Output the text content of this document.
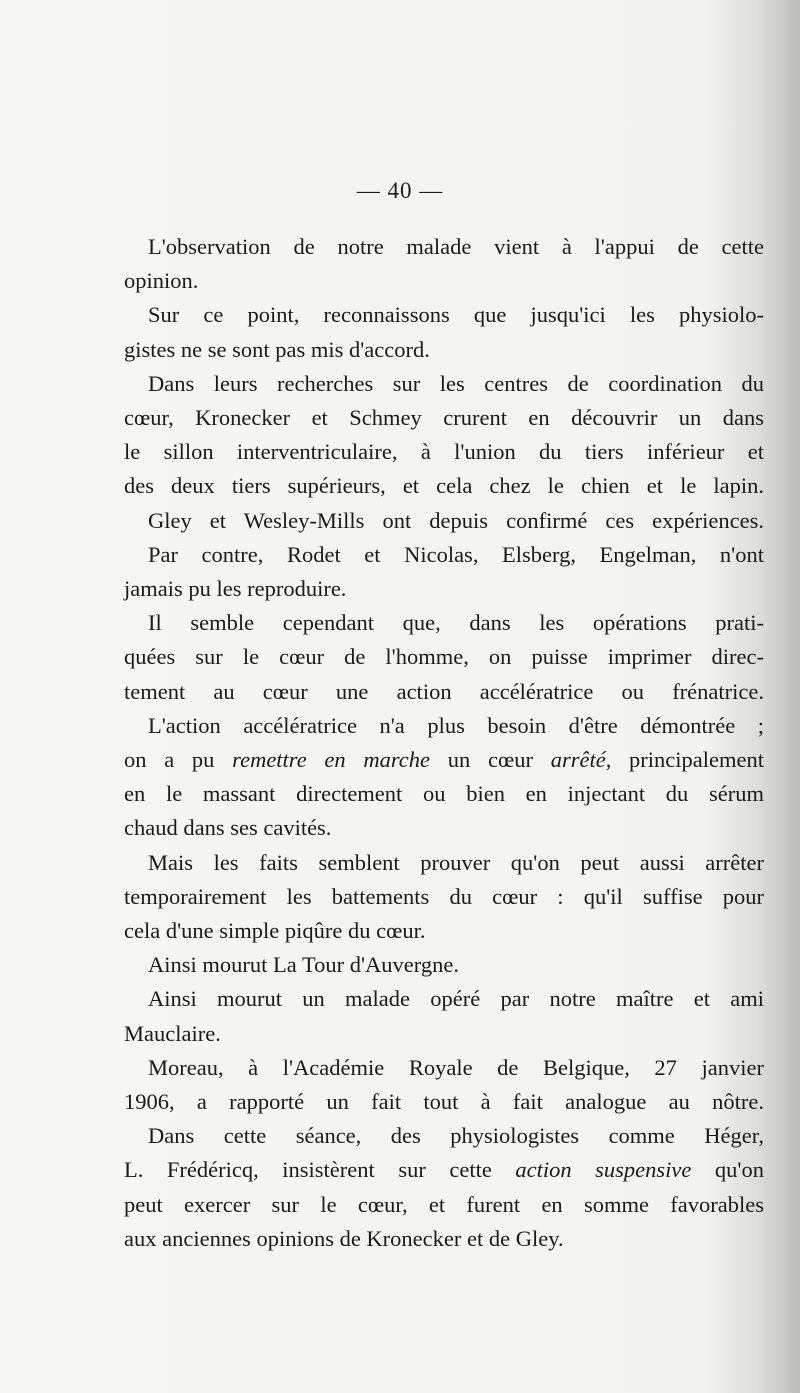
— 40 —

L'observation de notre malade vient à l'appui de cette
opinion.

Sur ce point, reconnaissons que jusqu'ici les physiolo-
gistes ne se sont pas mis d'accord.

Dans leurs recherches sur les centres de coordination du
cœur, Kronecker et Schmey crurent en découvrir un dans
le sillon interventriculaire, à l'union du tiers inférieur et
des deux tiers supérieurs, et cela chez le chien et le lapin.

Gley et Wesley-Mills ont depuis confirmé ces expériences.

Par contre, Rodet et Nicolas, Elsberg, Engelman, n'ont
jamais pu les reproduire.

Il semble cependant que, dans les opérations prati-
quées sur le cœur de l'homme, on puisse imprimer direc-
tement au cœur une action accélératrice ou frénatrice.

L'action accélératrice n'a plus besoin d'être démontrée ;
on a pu remettre en marche un cœur arrêté, principalement
en le massant directement ou bien en injectant du sérum
chaud dans ses cavités.

Mais les faits semblent prouver qu'on peut aussi arrêter
temporairement les battements du cœur : qu'il suffise pour
cela d'une simple piqûre du cœur.

Ainsi mourut La Tour d'Auvergne.

Ainsi mourut un malade opéré par notre maître et ami
Mauclaire.

Moreau, à l'Académie Royale de Belgique, 27 janvier
1906, a rapporté un fait tout à fait analogue au nôtre.

Dans cette séance, des physiologistes comme Héger,
L. Frédéricq, insistèrent sur cette action suspensive qu'on
peut exercer sur le cœur, et furent en somme favorables
aux anciennes opinions de Kronecker et de Gley.
